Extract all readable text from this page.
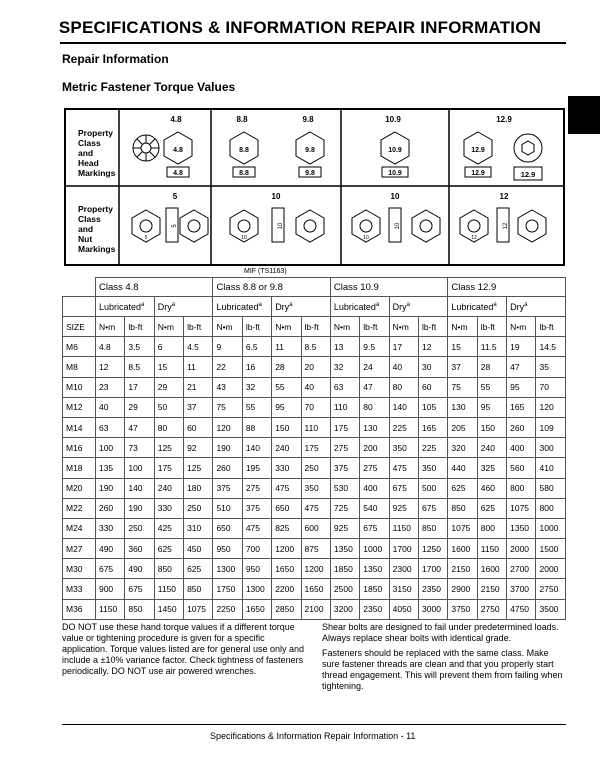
SPECIFICATIONS & INFORMATION REPAIR INFORMATION
Repair Information
Metric Fastener Torque Values
4.8
4.8
8.8
8.8
9.8
9.8
10.9
10.9
12.9
12.9	12.9
5
5
10
10
10
10
12
12
Property
Class
and
Head
Markings
Property
Class
and
Nut
Markings
4.8	8.8	9.8	10.9	12.9
5	10	10	12
MIF (TS1163)
	Class 4.8				Class 8.8 or 9.8				Class 10.9				Class 12.9			
	Lubricated$^a$		Dry$^a$		Lubricated$^a$		Dry$^a$		Lubricated$^a$		Dry$^a$		Lubricated$^a$		Dry$^a$
SIZE	N•m	lb-ft	N•m	lb-ft	N•m	lb-ft	N•m	lb-ft	N•m	lb-ft	N•m	lb-ft	N•m	lb-ft	N•m	lb-ft
M6	4.8	3.5	6	4.5	9	6.5	11	8.5	13	9.5	17	12	15	11.5	19	14.5
M8	12	8.5	15	11	22	16	28	20	32	24	40	30	37	28	47	35
M10	23	17	29	21	43	32	55	40	63	47	80	60	75	55	95	70
M12	40	29	50	37	75	55	95	70	110	80	140	105	130	95	165	120
M14	63	47	80	60	120	88	150	110	175	130	225	165	205	150	260	109
M16	100	73	125	92	190	140	240	175	275	200	350	225	320	240	400	300
M18	135	100	175	125	260	195	330	250	375	275	475	350	440	325	560	410
M20	190	140	240	180	375	275	475	350	530	400	675	500	625	460	800	580
M22	260	190	330	250	510	375	650	475	725	540	925	675	850	625	1075	800
M24	330	250	425	310	650	475	825	600	925	675	1150	850	1075	800	1350	1000
M27	490	360	625	450	950	700	1200	875	1350	1000	1700	1250	1600	1150	2000	1500
M30	675	490	850	625	1300	950	1650	1200	1850	1350	2300	1700	2150	1600	2700	2000
M33	900	675	1150	850	1750	1300	2200	1650	2500	1850	3150	2350	2900	2150	3700	2750
M36	1150	850	1450	1075	2250	1650	2850	2100	3200	2350	4050	3000	3750	2750	4750	3500

DO NOT use these hand torque values if a different torque value or tightening procedure is given for a specific application. Torque values listed are for general use only and include a ±10% variance factor. Check tightness of fasteners periodically. DO NOT use air powered wrenches.

Shear bolts are designed to fail under predetermined loads. Always replace shear bolts with identical grade.

Fasteners should be replaced with the same class. Make sure fastener threads are clean and that you properly start thread engagement. This will prevent them from failing when tightening.

Specifications & Information Repair Information - 11
